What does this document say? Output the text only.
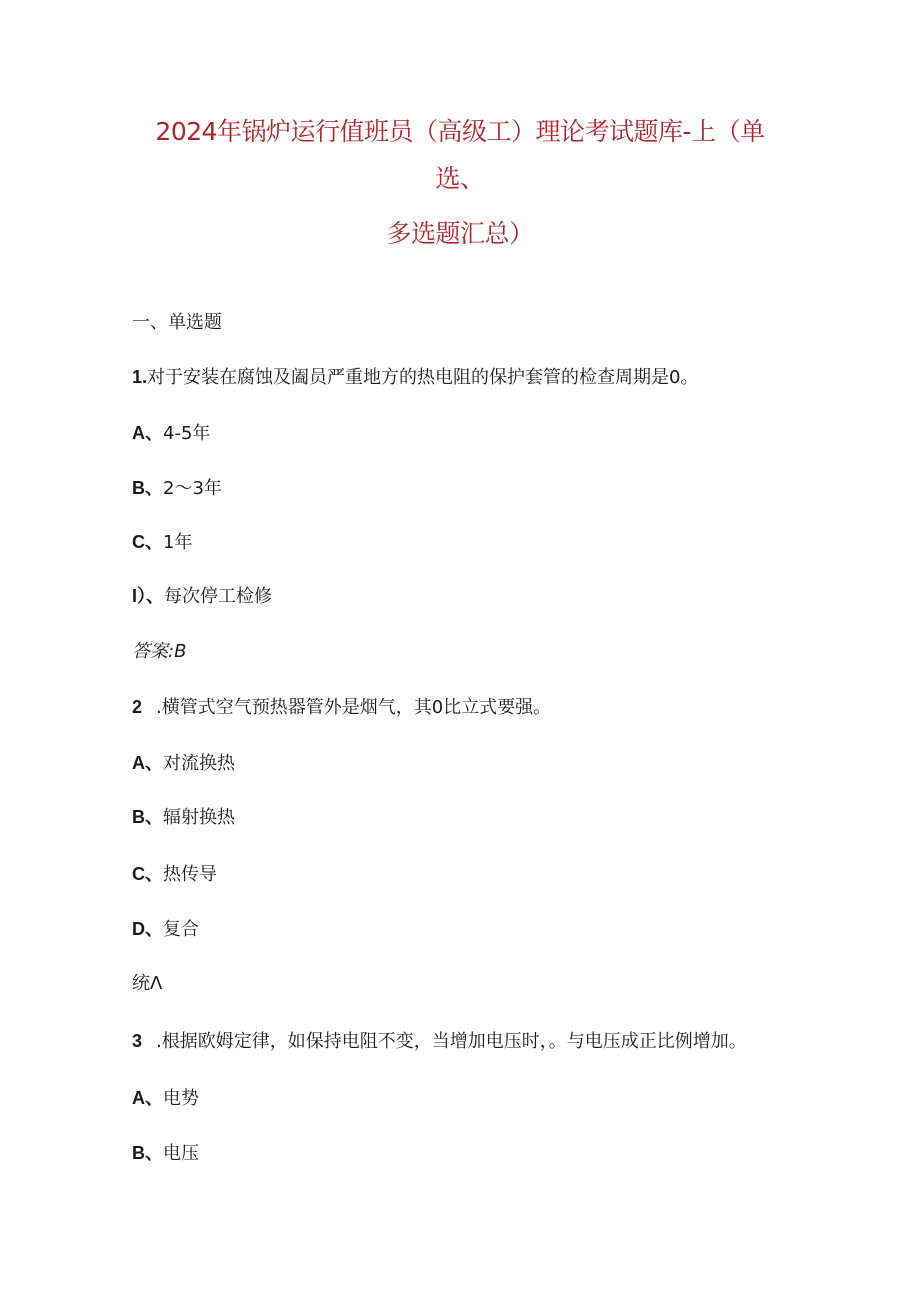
2024年锅炉运行值班员（高级工）理论考试题库-上（单
选、
多选题汇总）
一、单选题
1.对于安装在腐蚀及阖员严重地方的热电阻的保护套管的检查周期是0。
A、4-5年
B、2～3年
C、1年
I）、每次停工检修
答案:B
2 .横管式空气预热器管外是烟气，其0比立式要强。
A、对流换热
B、辐射换热
C、热传导
D、复合
统Λ
3 .根据欧姆定律，如保持电阻不变，当增加电压时，。与电压成正比例增加。
A、电势
B、电压
